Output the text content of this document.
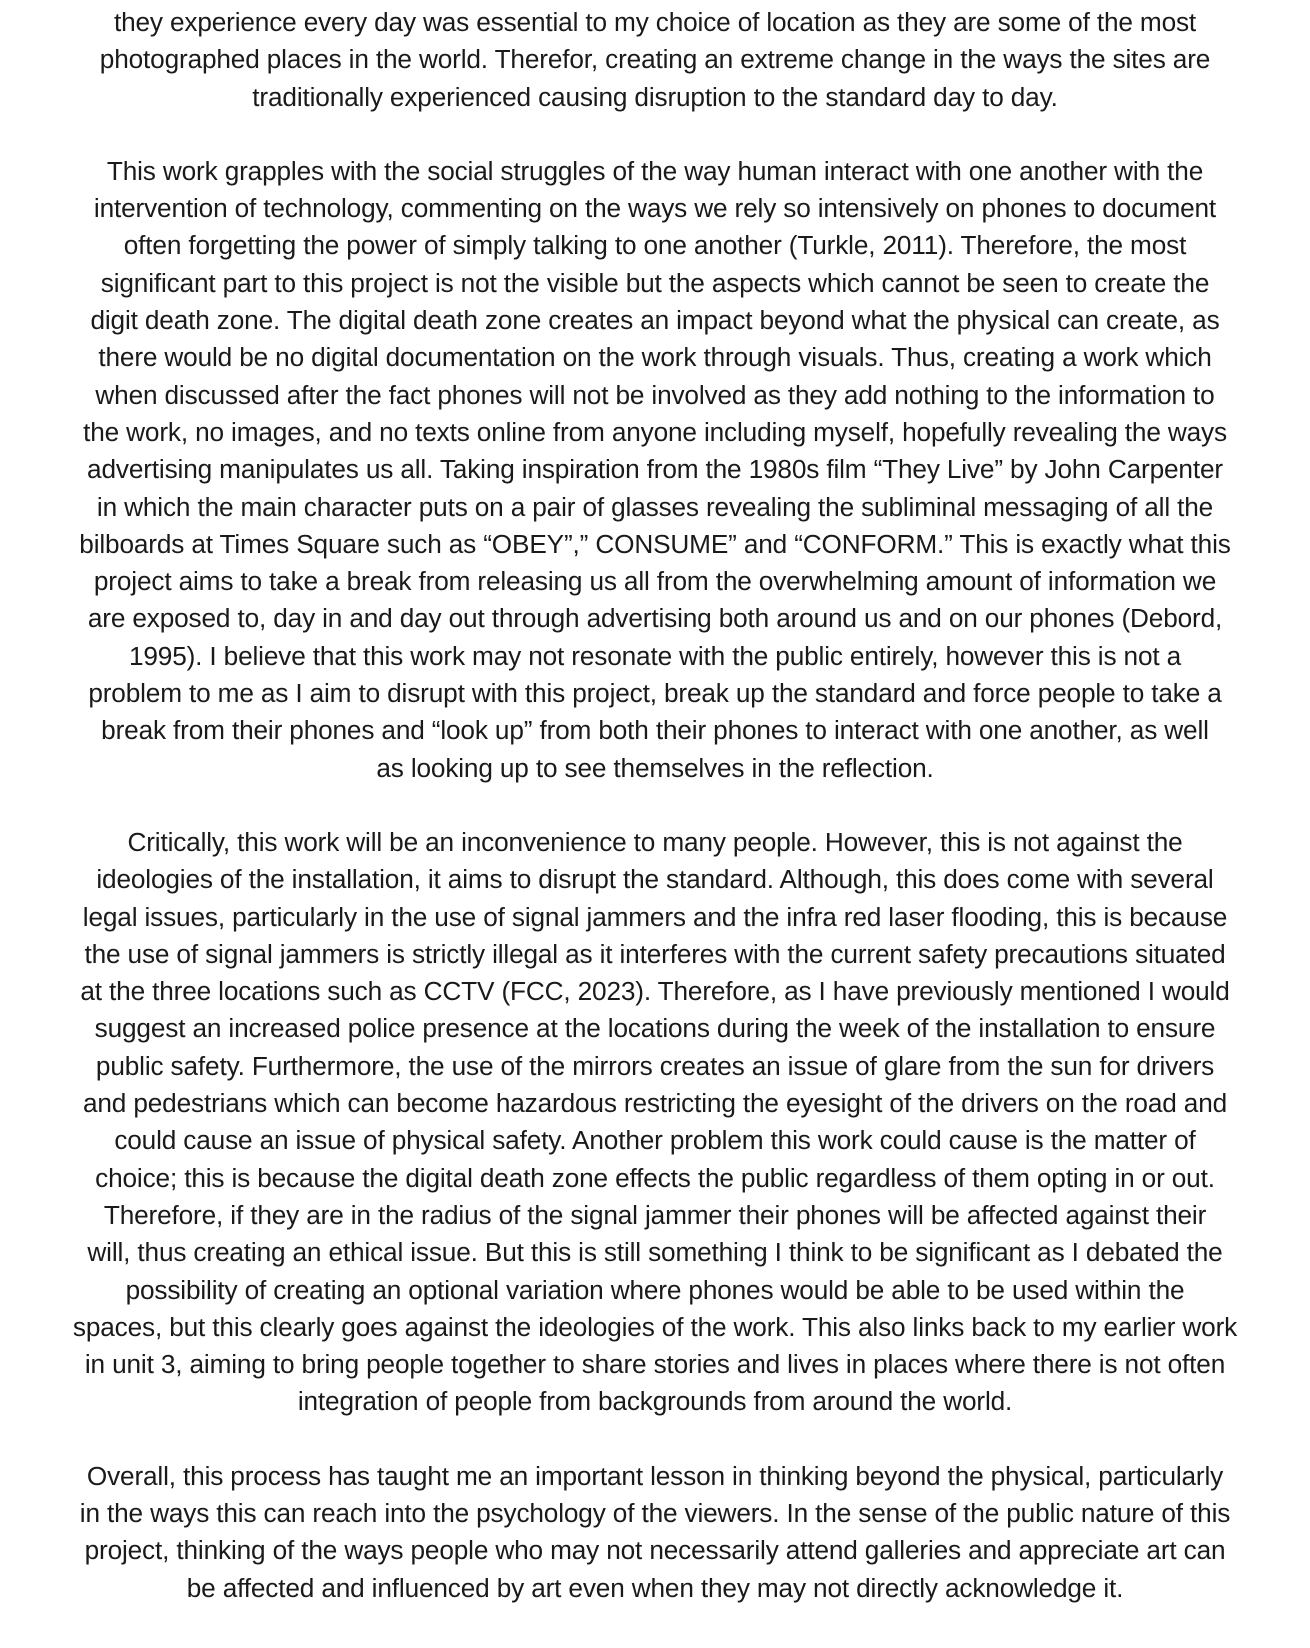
they experience every day was essential to my choice of location as they are some of the most
photographed places in the world. Therefor, creating an extreme change in the ways the sites are
traditionally experienced causing disruption to the standard day to day.
This work grapples with the social struggles of the way human interact with one another with the
intervention of technology, commenting on the ways we rely so intensively on phones to document
often forgetting the power of simply talking to one another (Turkle, 2011). Therefore, the most
significant part to this project is not the visible but the aspects which cannot be seen to create the
digit death zone. The digital death zone creates an impact beyond what the physical can create, as
there would be no digital documentation on the work through visuals. Thus, creating a work which
when discussed after the fact phones will not be involved as they add nothing to the information to
the work, no images, and no texts online from anyone including myself, hopefully revealing the ways
advertising manipulates us all. Taking inspiration from the 1980s film “They Live” by John Carpenter
in which the main character puts on a pair of glasses revealing the subliminal messaging of all the
bilboards at Times Square such as “OBEY”,” CONSUME” and “CONFORM.” This is exactly what this
project aims to take a break from releasing us all from the overwhelming amount of information we
are exposed to, day in and day out through advertising both around us and on our phones (Debord,
1995). I believe that this work may not resonate with the public entirely, however this is not a
problem to me as I aim to disrupt with this project, break up the standard and force people to take a
break from their phones and “look up” from both their phones to interact with one another, as well
as looking up to see themselves in the reflection.
Critically, this work will be an inconvenience to many people. However, this is not against the
ideologies of the installation, it aims to disrupt the standard. Although, this does come with several
legal issues, particularly in the use of signal jammers and the infra red laser flooding, this is because
the use of signal jammers is strictly illegal as it interferes with the current safety precautions situated
at the three locations such as CCTV (FCC, 2023). Therefore, as I have previously mentioned I would
suggest an increased police presence at the locations during the week of the installation to ensure
public safety. Furthermore, the use of the mirrors creates an issue of glare from the sun for drivers
and pedestrians which can become hazardous restricting the eyesight of the drivers on the road and
could cause an issue of physical safety. Another problem this work could cause is the matter of
choice; this is because the digital death zone effects the public regardless of them opting in or out.
Therefore, if they are in the radius of the signal jammer their phones will be affected against their
will, thus creating an ethical issue. But this is still something I think to be significant as I debated the
possibility of creating an optional variation where phones would be able to be used within the
spaces, but this clearly goes against the ideologies of the work. This also links back to my earlier work
in unit 3, aiming to bring people together to share stories and lives in places where there is not often
integration of people from backgrounds from around the world.
Overall, this process has taught me an important lesson in thinking beyond the physical, particularly
in the ways this can reach into the psychology of the viewers. In the sense of the public nature of this
project, thinking of the ways people who may not necessarily attend galleries and appreciate art can
be affected and influenced by art even when they may not directly acknowledge it.
